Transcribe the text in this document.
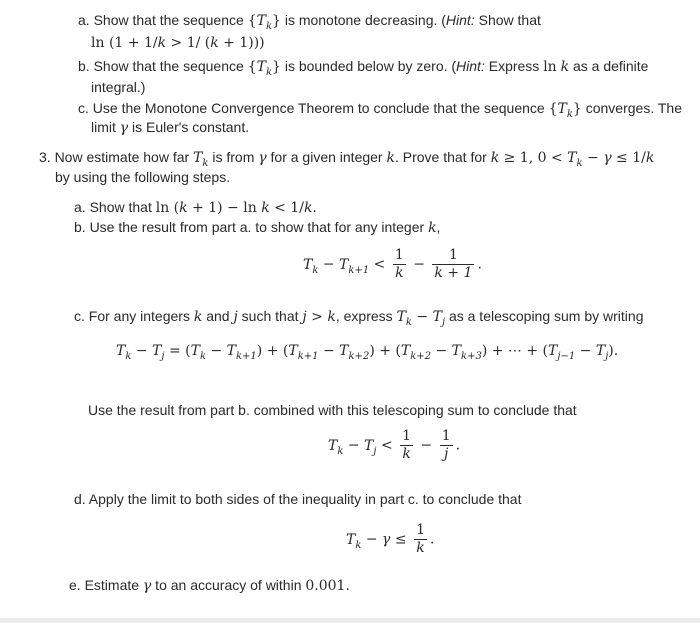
a. Show that the sequence $\{T_k\}$ is monotone decreasing. (Hint: Show that
ln (1 + 1/k > 1/ (k + 1)))
b. Show that the sequence $\{T_k\}$ is bounded below by zero. (Hint: Express ln k as a definite
integral.)
c. Use the Monotone Convergence Theorem to conclude that the sequence $\{T_k\}$ converges. The
limit γ is Euler's constant.
3. Now estimate how far $T_k$ is from γ for a given integer k. Prove that for k ≥ 1, $0 < T_k - \gamma \le 1/k$
by using the following steps.
a. Show that ln (k + 1) − ln k < 1/k.
b. Use the result from part a. to show that for any integer k,
$T_k - T_{k+1} < \frac{1}{k} - \frac{1}{k + 1}$ .
c. For any integers k and j such that j > k, express $T_k - T_j$ as a telescoping sum by writing
$T_k - T_j = (T_k - T_{k+1}) + (T_{k+1} - T_{k+2}) + (T_{k+2} - T_{k+3})$ + ⋯ + $(T_{j-1} - T_j)$.
Use the result from part b. combined with this telescoping sum to conclude that
$T_k - T_j < \frac{1}{k} - \frac{1}{j}$ .
d. Apply the limit to both sides of the inequality in part c. to conclude that
$T_k - \gamma \le \frac{1}{k}$ .
e. Estimate γ to an accuracy of within 0.001.
